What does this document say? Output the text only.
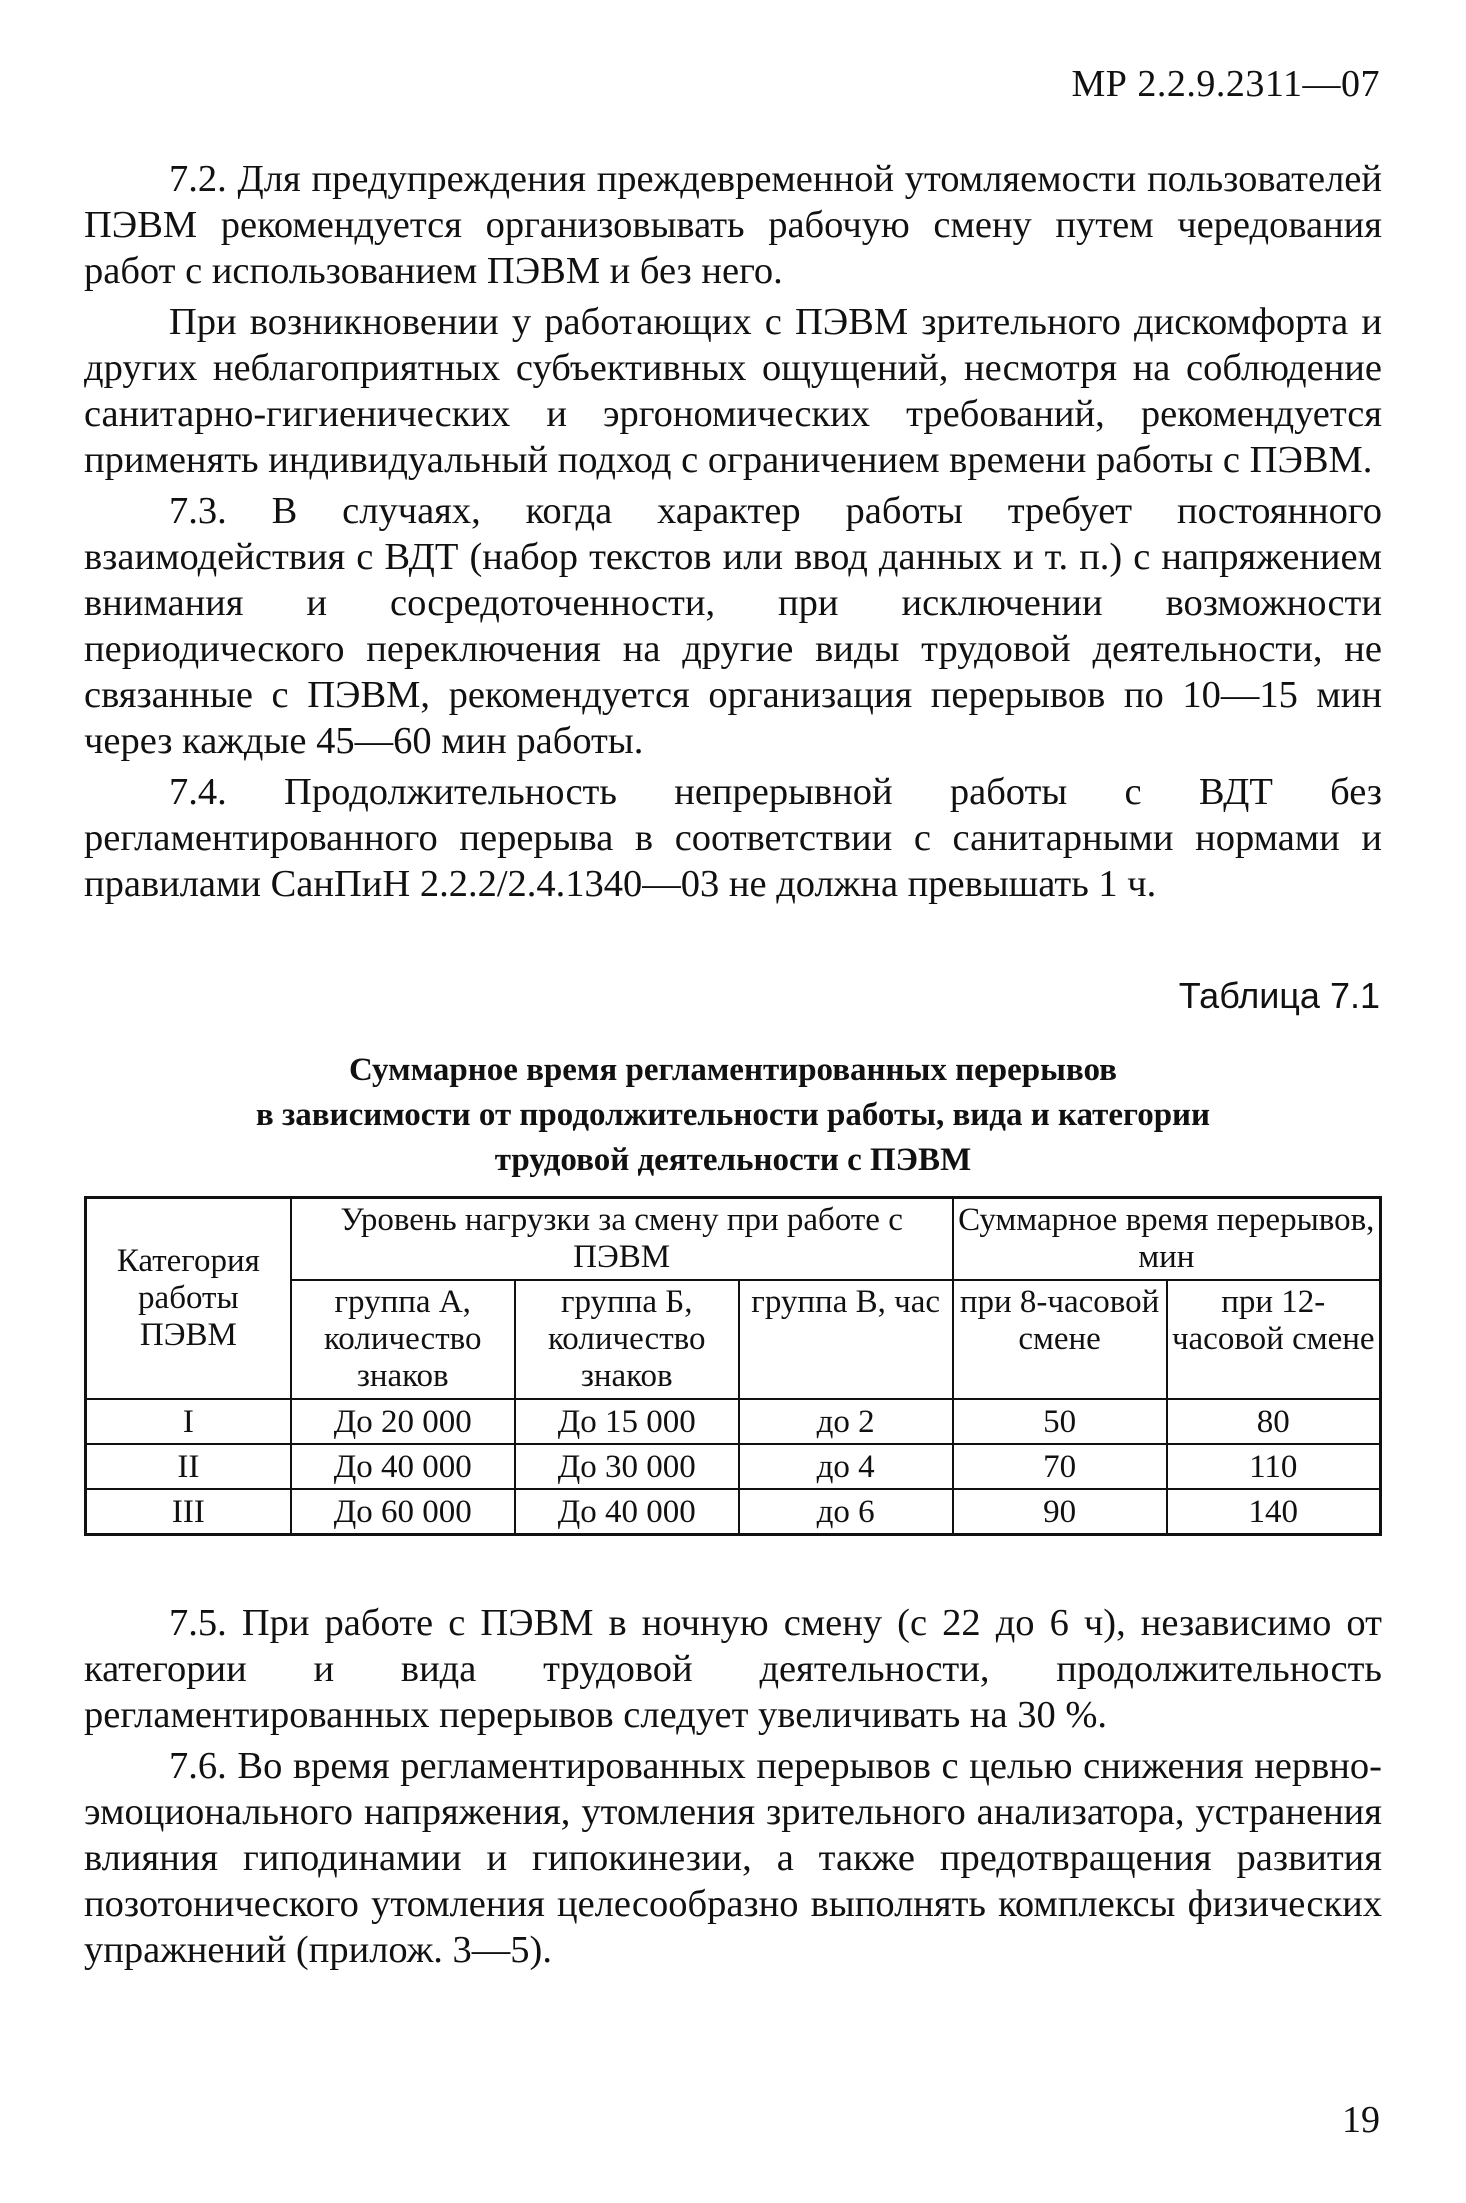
МР 2.2.9.2311—07

7.2. Для предупреждения преждевременной утомляемости пользователей ПЭВМ рекомендуется организовывать рабочую смену путем чередования работ с использованием ПЭВМ и без него.

При возникновении у работающих с ПЭВМ зрительного дискомфорта и других неблагоприятных субъективных ощущений, несмотря на соблюдение санитарно-гигиенических и эргономических требований, рекомендуется применять индивидуальный подход с ограничением времени работы с ПЭВМ.

7.3. В случаях, когда характер работы требует постоянного взаимодействия с ВДТ (набор текстов или ввод данных и т. п.) с напряжением внимания и сосредоточенности, при исключении возможности периодического переключения на другие виды трудовой деятельности, не связанные с ПЭВМ, рекомендуется организация перерывов по 10—15 мин через каждые 45—60 мин работы.

7.4. Продолжительность непрерывной работы с ВДТ без регламентированного перерыва в соответствии с санитарными нормами и правилами СанПиН 2.2.2/2.4.1340—03 не должна превышать 1 ч.

Таблица 7.1
Суммарное время регламентированных перерывов
в зависимости от продолжительности работы, вида и категории
трудовой деятельности с ПЭВМ
Категория работы ПЭВМ	Уровень нагрузки за смену при работе с ПЭВМ			Суммарное время перерывов, мин	
	группа А, количество знаков	группа Б, количество знаков	группа В, час	при 8-часовой смене	при 12-часовой смене
I	До 20 000	До 15 000	до 2	50	80
II	До 40 000	До 30 000	до 4	70	110
III	До 60 000	До 40 000	до 6	90	140

7.5. При работе с ПЭВМ в ночную смену (с 22 до 6 ч), независимо от категории и вида трудовой деятельности, продолжительность регламентированных перерывов следует увеличивать на 30 %.

7.6. Во время регламентированных перерывов с целью снижения нервно-эмоционального напряжения, утомления зрительного анализатора, устранения влияния гиподинамии и гипокинезии, а также предотвращения развития позотонического утомления целесообразно выполнять комплексы физических упражнений (прилож. 3—5).

19
